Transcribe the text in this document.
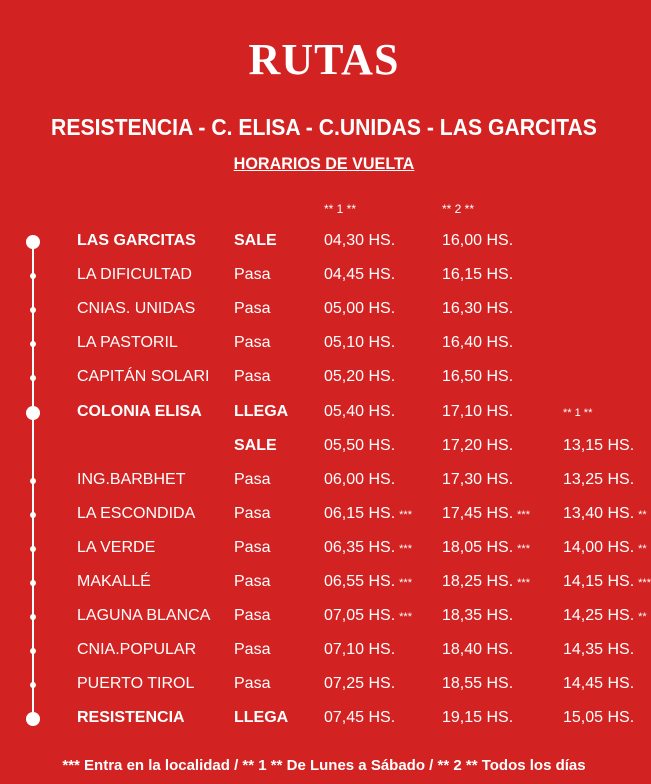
RUTAS
RESISTENCIA - C. ELISA - C.UNIDAS - LAS GARCITAS
HORARIOS DE VUELTA
** 1 **	** 2 **
LAS GARCITAS SALE	04,30 HS.	16,00 HS.
LA DIFICULTAD	Pasa	04,45 HS.	16,15 HS.
CNIAS. UNIDAS Pasa	05,00 HS.	16,30 HS.
LA PASTORIL	Pasa	05,10 HS.	16,40 HS.
CAPITÁN SOLARI Pasa	05,20 HS.	16,50 HS.
COLONIA ELISA LLEGA 05,40 HS.	17,10 HS.	** 1 **
SALE	05,50 HS.	17,20 HS.	13,15 HS.
ING.BARBHET	Pasa	06,00 HS.	17,30 HS.	13,25 HS.
LA ESCONDIDA Pasa	06,15 HS. *** 17,45 HS. *** 13,40 HS. **
LA VERDE	Pasa	06,35 HS. *** 18,05 HS. *** 14,00 HS. **
MAKALLÉ	Pasa	06,55 HS. *** 18,25 HS. *** 14,15 HS. ***
LAGUNA BLANCA Pasa	07,05 HS. *** 18,35 HS.	14,25 HS. **
CNIA.POPULAR Pasa	07,10 HS.	18,40 HS.	14,35 HS.
PUERTO TIROL Pasa	07,25 HS.	18,55 HS.	14,45 HS.
RESISTENCIA	LLEGA 07,45 HS.	19,15 HS.	15,05 HS.
*** Entra en la localidad / ** 1 ** De Lunes a Sábado / ** 2 ** Todos los días
